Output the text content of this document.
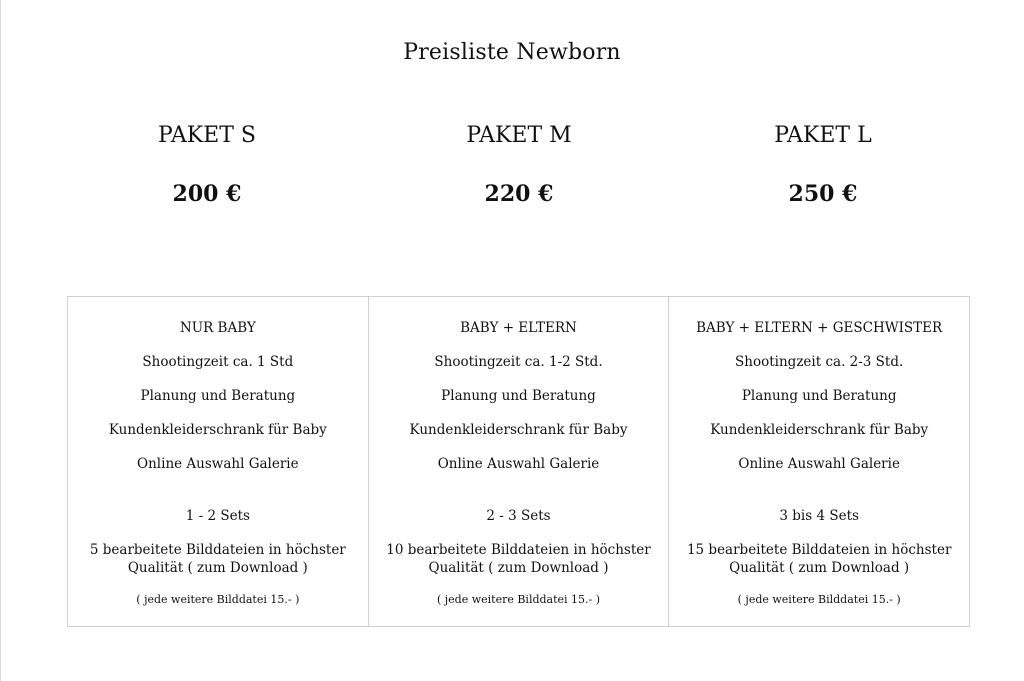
Preisliste Newborn
PAKET S
200 €
PAKET M
220 €
PAKET L
250 €
NUR BABY
Shootingzeit ca. 1 Std
Planung und Beratung
Kundenkleiderschrank für Baby
Online Auswahl Galerie
1 - 2 Sets
5 bearbeitete Bilddateien in höchster
Qualität ( zum Download )
( jede weitere Bilddatei 15.- )
BABY + ELTERN
Shootingzeit ca. 1-2 Std.
Planung und Beratung
Kundenkleiderschrank für Baby
Online Auswahl Galerie
2 - 3 Sets
10 bearbeitete Bilddateien in höchster
Qualität ( zum Download )
( jede weitere Bilddatei 15.- )
BABY + ELTERN + GESCHWISTER
Shootingzeit ca. 2-3 Std.
Planung und Beratung
Kundenkleiderschrank für Baby
Online Auswahl Galerie
3 bis 4 Sets
15 bearbeitete Bilddateien in höchster
Qualität ( zum Download )
( jede weitere Bilddatei 15.- )
